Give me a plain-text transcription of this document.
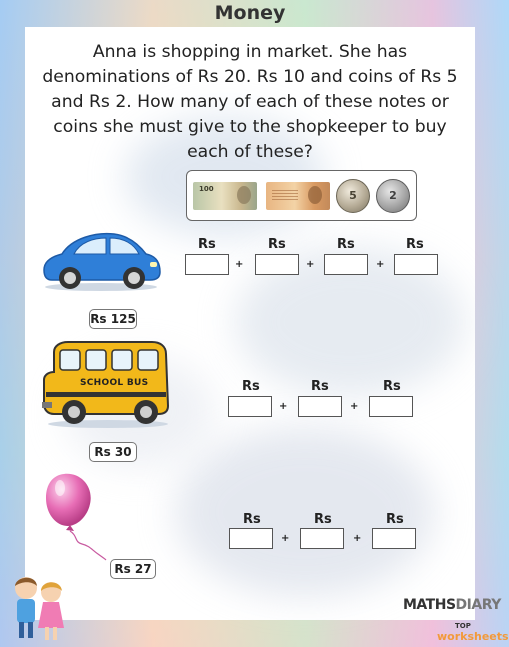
Money
Anna is shopping in market. She has denominations of Rs 20. Rs 10 and coins of Rs 5 and Rs 2. How many of each of these notes or coins she must give to the shopkeeper to buy each of these?
100	5	2
Rs 125
Rs	Rs	Rs	Rs
+	+	+
SCHOOL BUS
Rs 30
Rs	Rs	Rs
+	+
Rs 27
Rs	Rs	Rs
+	+
MATHSDIARY
TOP
worksheets
